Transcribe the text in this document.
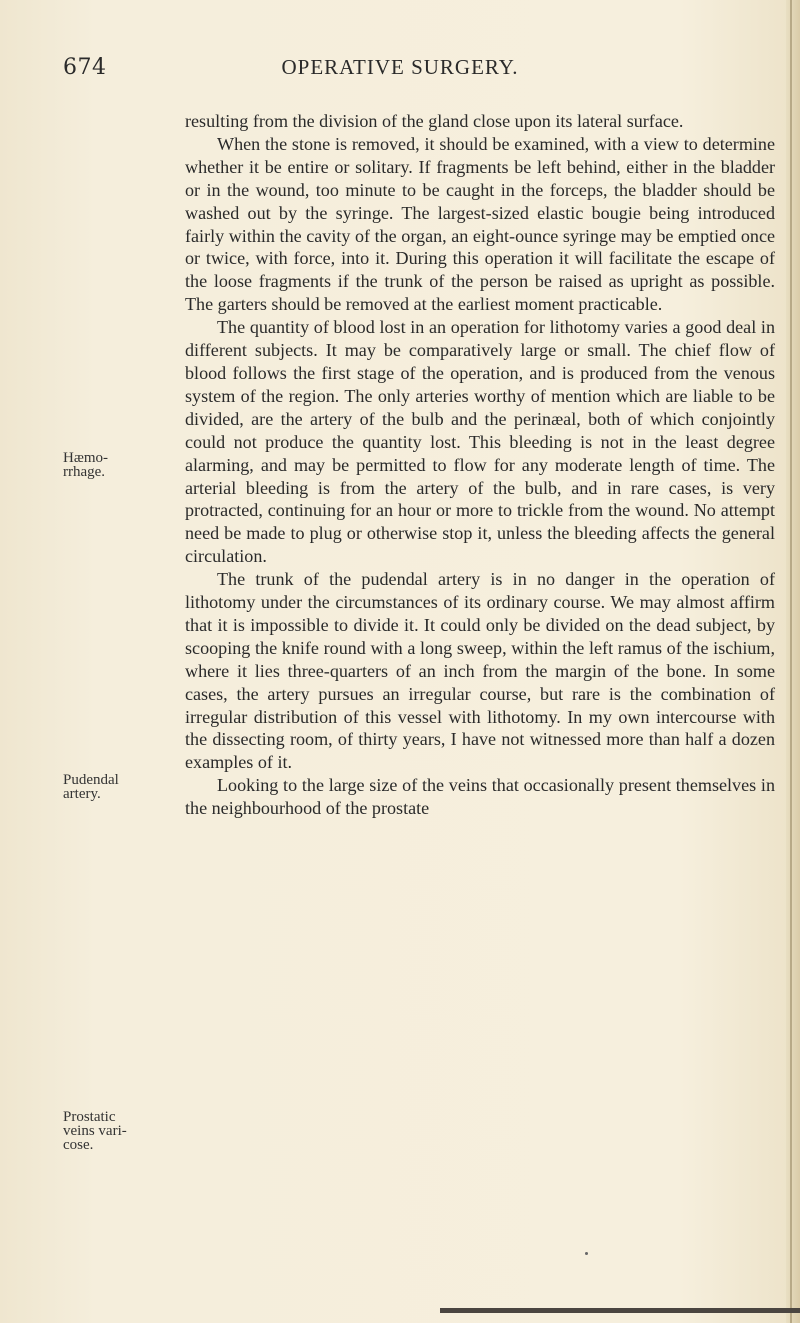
674	OPERATIVE SURGERY.
Hæmo-
rrhage.
Pudendal
artery.
Prostatic
veins vari-
cose.

resulting from the division of the gland close upon its lateral surface.

When the stone is removed, it should be examined, with a view to determine whether it be entire or solitary. If fragments be left behind, either in the bladder or in the wound, too minute to be caught in the forceps, the bladder should be washed out by the syringe. The largest-sized elastic bougie being introduced fairly within the cavity of the organ, an eight-ounce syringe may be emptied once or twice, with force, into it. During this operation it will facilitate the escape of the loose fragments if the trunk of the person be raised as upright as possible. The garters should be removed at the earliest moment practicable.

The quantity of blood lost in an operation for lithotomy varies a good deal in different subjects. It may be comparatively large or small. The chief flow of blood follows the first stage of the operation, and is produced from the venous system of the region. The only arteries worthy of mention which are liable to be divided, are the artery of the bulb and the perinæal, both of which conjointly could not produce the quantity lost. This bleeding is not in the least degree alarming, and may be permitted to flow for any moderate length of time. The arterial bleeding is from the artery of the bulb, and in rare cases, is very protracted, continuing for an hour or more to trickle from the wound. No attempt need be made to plug or otherwise stop it, unless the bleeding affects the general circulation.

The trunk of the pudendal artery is in no danger in the operation of lithotomy under the circumstances of its ordinary course. We may almost affirm that it is impossible to divide it. It could only be divided on the dead subject, by scooping the knife round with a long sweep, within the left ramus of the ischium, where it lies three-quarters of an inch from the margin of the bone. In some cases, the artery pursues an irregular course, but rare is the combination of irregular distribution of this vessel with lithotomy. In my own intercourse with the dissecting room, of thirty years, I have not witnessed more than half a dozen examples of it.

Looking to the large size of the veins that occasionally present themselves in the neighbourhood of the prostate
